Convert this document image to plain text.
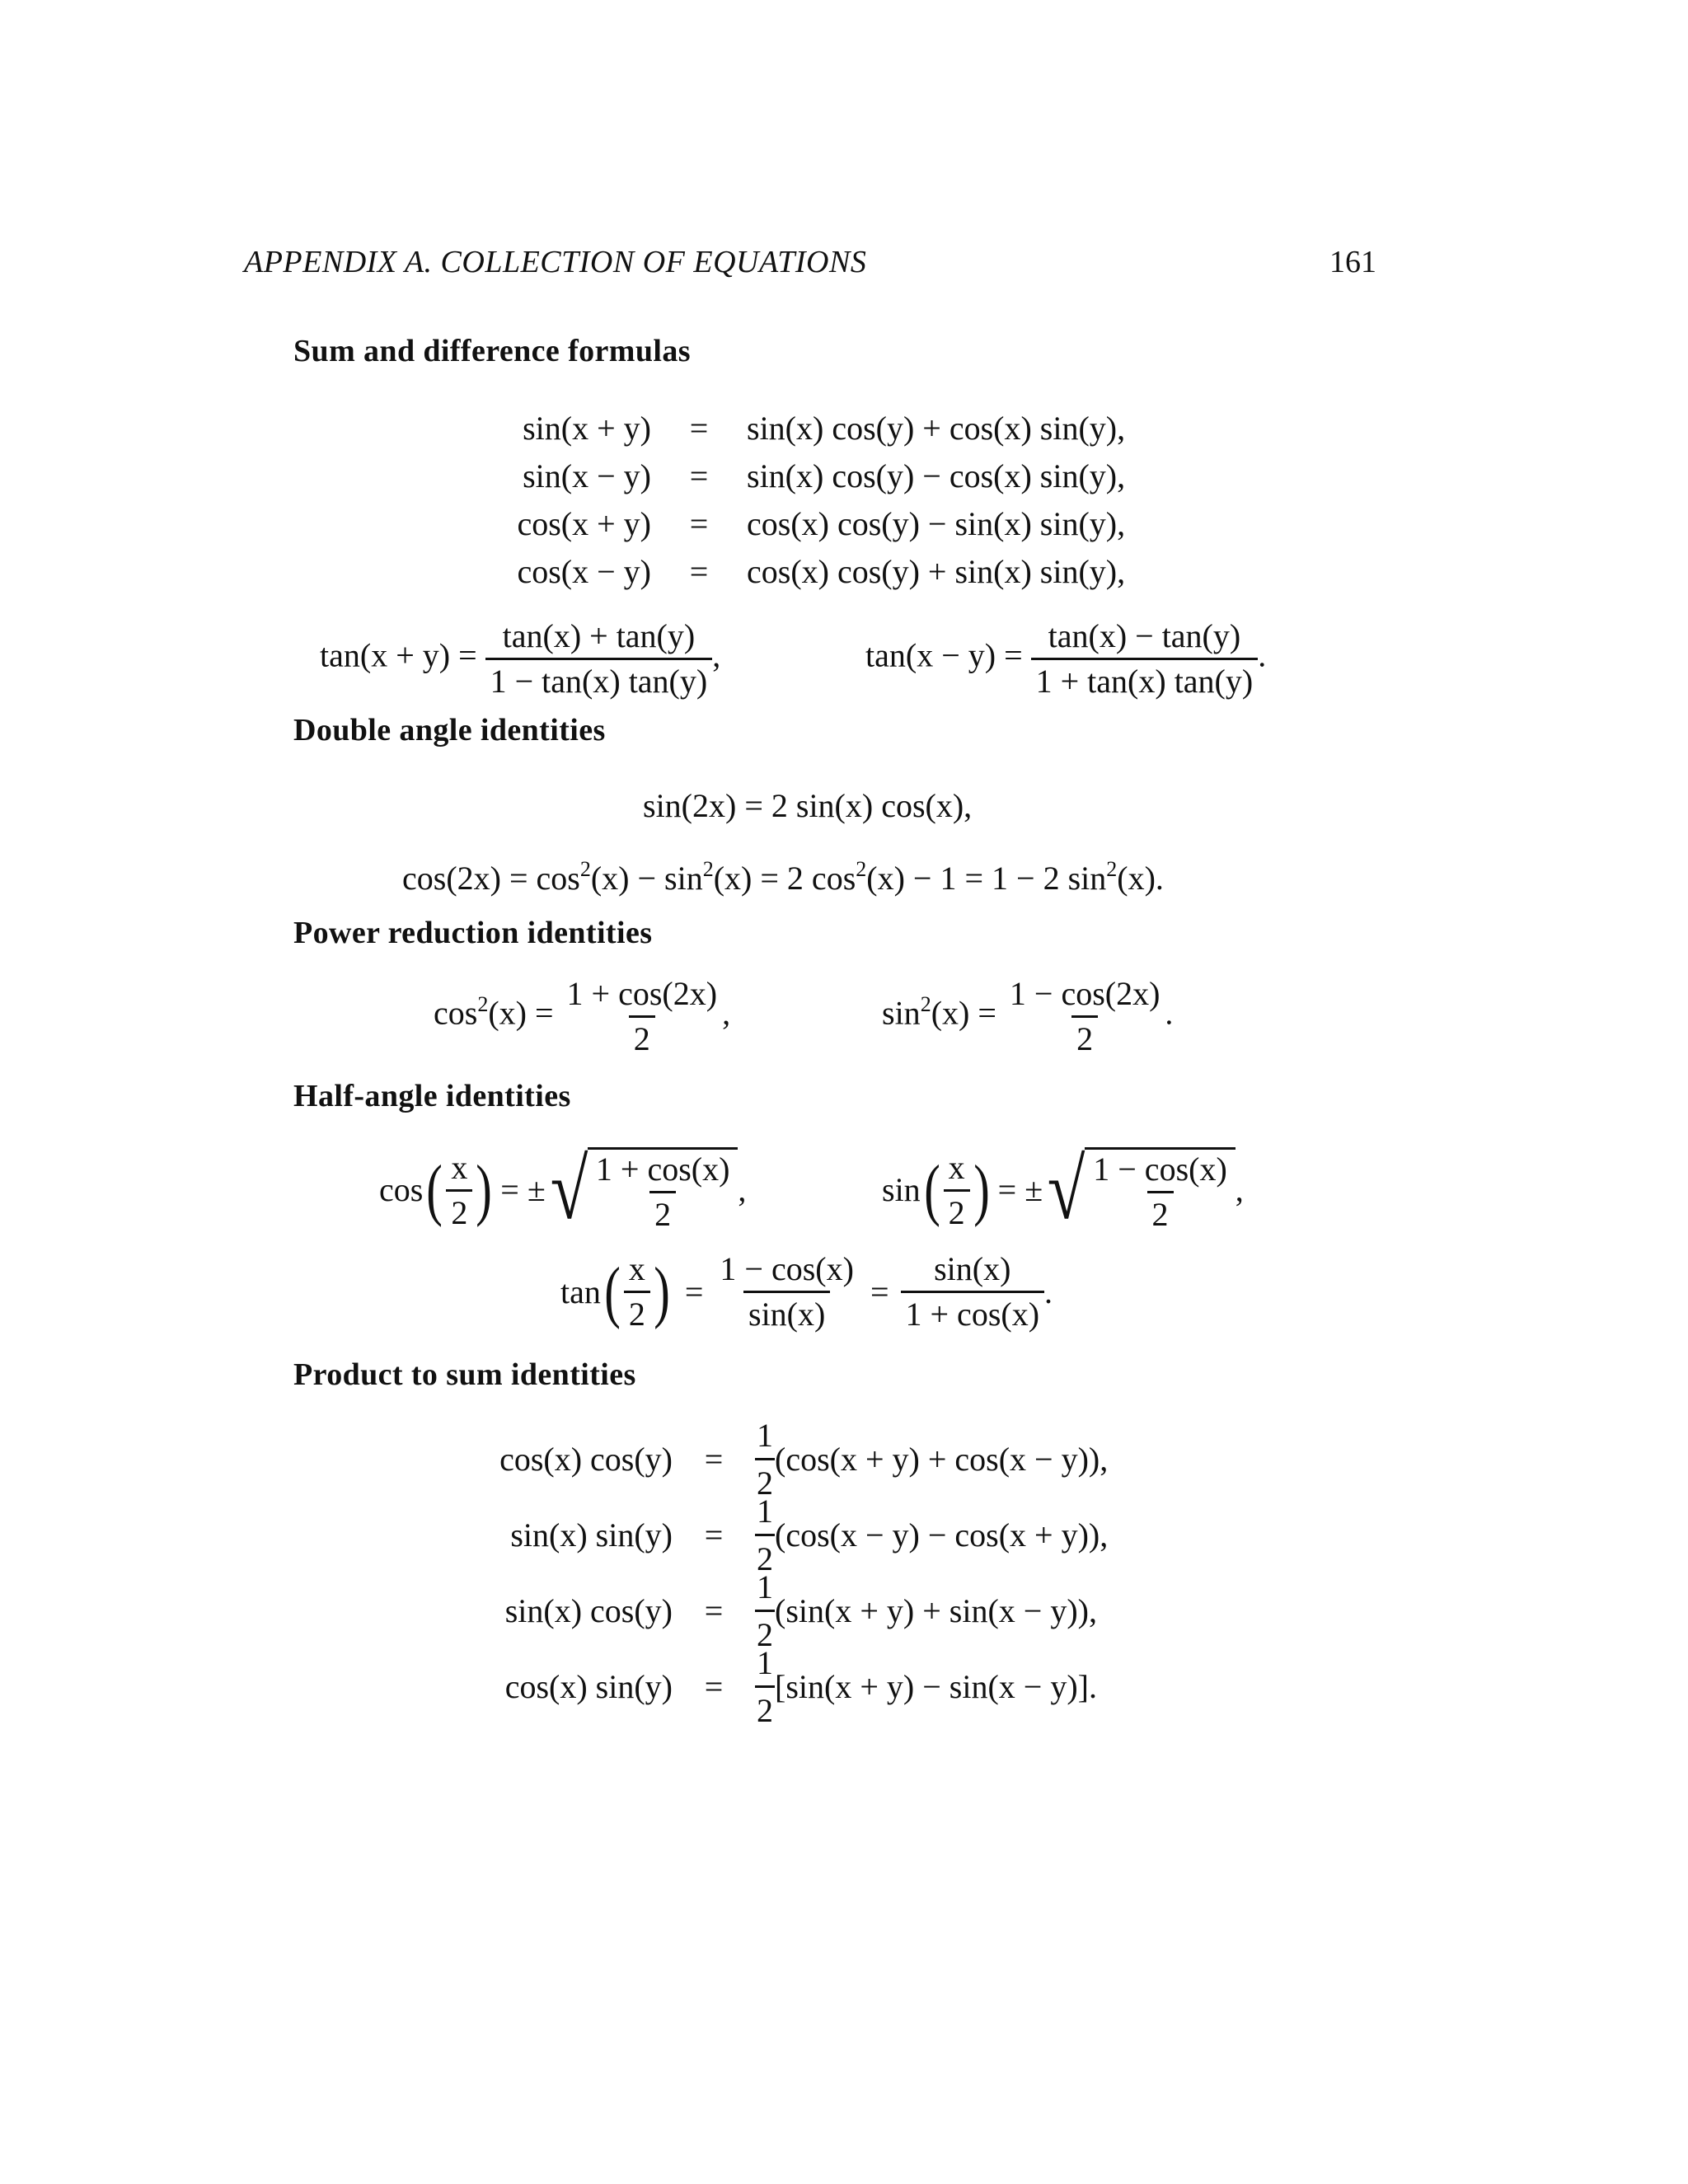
APPENDIX A. COLLECTION OF EQUATIONS	161
Sum and difference formulas
sin(x + y) = sin(x) cos(y) + cos(x) sin(y),
sin(x − y) = sin(x) cos(y) − cos(x) sin(y),
cos(x + y) = cos(x) cos(y) − sin(x) sin(y),
cos(x − y) = cos(x) cos(y) + sin(x) sin(y),
$\tan(x + y) = \frac{\tan(x) + \tan(y)}{1 - \tan(x) \tan(y)}$ ,	$\tan(x - y) = \frac{\tan(x) - \tan(y)}{1 + \tan(x) \tan(y)}$ .
Double angle identities
sin(2x) = 2 sin(x) cos(x),
$\cos(2x) = \cos^2(x) - \sin^2(x) = 2$ $\cos^2(x) - 1 = 1 - 2$ $\sin^2(x)$.
Power reduction identities
$\cos^2(x) = \frac{1 + \cos(2x)}{2}$ ,	$\sin^2(x) = \frac{1 - \cos(2x)}{2}$ .
Half-angle identities
cos ( $\frac{x}{2}$ ) = ± √ $\frac{1 + \cos(x)}{2}$ ,	sin ( $\frac{x}{2}$ ) = ± √ $\frac{1 - \cos(x)}{2}$ ,
tan ( $\frac{x}{2}$ ) = $\frac{1 - \cos(x)}{\sin(x)} = \frac{\sin(x)}{1 + \cos(x)}$ .
Product to sum identities
cos(x) $\cos(y) = \frac{1}{2} (\cos(x + y) + \cos(x - y))$,
sin(x) $\sin(y) = \frac{1}{2} (\cos(x - y) - \cos(x + y))$,
sin(x) $\cos(y) = \frac{1}{2} (\sin(x + y) + \sin(x - y))$,
cos(x) $\sin(y) = \frac{1}{2} [\sin(x + y) - \sin(x - y)]$.
